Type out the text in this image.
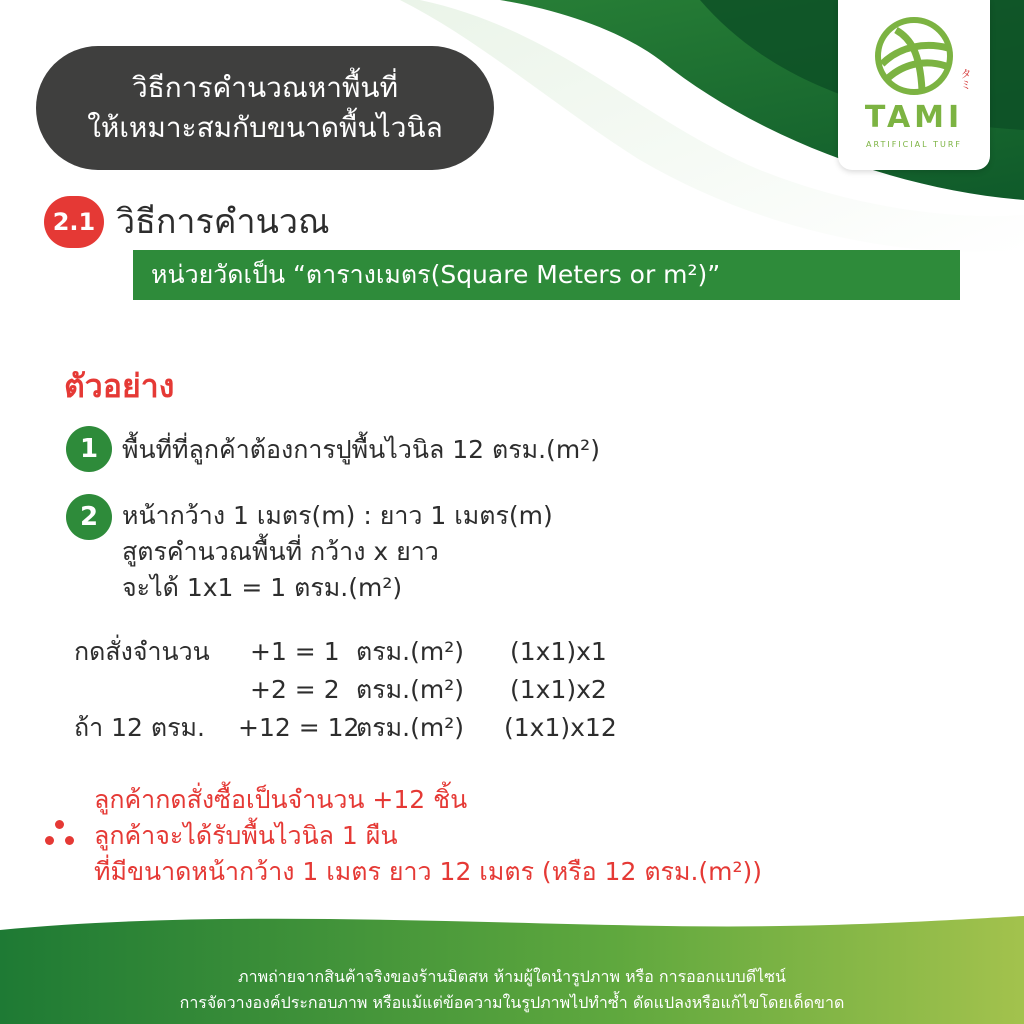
วิธีการคำนวณหาพื้นที่
ให้เหมาะสมกับขนาดพื้นไวนิล
タミ
TAMI
ARTIFICIAL TURF
2.1 วิธีการคำนวณ
หน่วยวัดเป็น “ตารางเมตร(Square Meters or m²)”
ตัวอย่าง
1 พื้นที่ที่ลูกค้าต้องการปูพื้นไวนิล 12 ตรม.(m²)
2 หน้ากว้าง 1 เมตร(m) : ยาว 1 เมตร(m)
สูตรคำนวณพื้นที่ กว้าง x ยาว
จะได้ 1x1 = 1 ตรม.(m²)
กดสั่งจำนวน +1 = 1 ตรม.(m²) (1x1)x1
+2 = 2 ตรม.(m²) (1x1)x2
ถ้า 12 ตรม. +12 = 12
ตรม.(m²) (1x1)x12
ลูกค้ากดสั่งซื้อเป็นจำนวน +12 ชิ้น
ลูกค้าจะได้รับพื้นไวนิล 1 ผืน
ที่มีขนาดหน้ากว้าง 1 เมตร ยาว 12 เมตร (หรือ 12 ตรม.(m²))
ภาพถ่ายจากสินค้าจริงของร้านมิตสห ห้ามผู้ใดนำรูปภาพ หรือ การออกแบบดีไซน์
การจัดวางองค์ประกอบภาพ หรือแม้แต่ข้อความในรูปภาพไปทำซ้ำ ดัดแปลงหรือแก้ไขโดยเด็ดขาด
